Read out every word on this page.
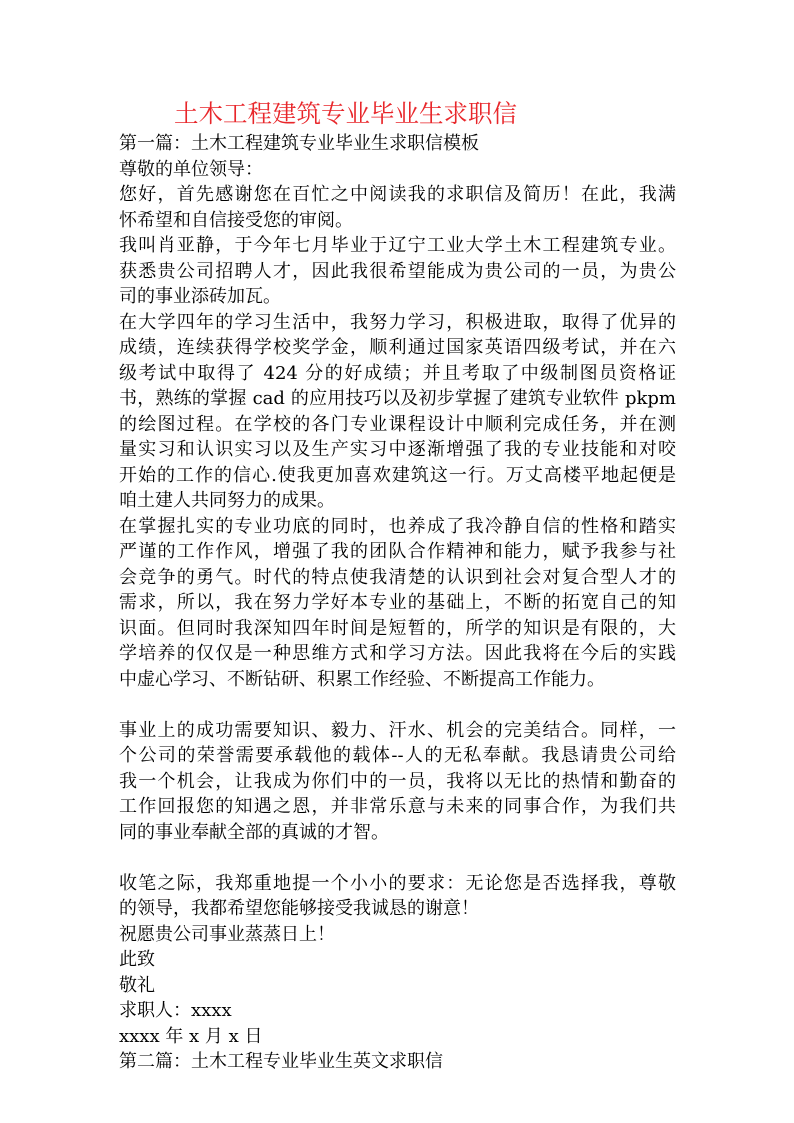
土木工程建筑专业毕业生求职信
第一篇：土木工程建筑专业毕业生求职信模板
尊敬的单位领导：
您好，首先感谢您在百忙之中阅读我的求职信及简历！在此，我满
怀希望和自信接受您的审阅。
我叫肖亚静，于今年七月毕业于辽宁工业大学土木工程建筑专业。
获悉贵公司招聘人才，因此我很希望能成为贵公司的一员，为贵公
司的事业添砖加瓦。
在大学四年的学习生活中，我努力学习，积极进取，取得了优异的
成绩，连续获得学校奖学金，顺利通过国家英语四级考试，并在六
级考试中取得了 424 分的好成绩；并且考取了中级制图员资格证
书，熟练的掌握 cad 的应用技巧以及初步掌握了建筑专业软件 pkpm
的绘图过程。在学校的各门专业课程设计中顺利完成任务，并在测
量实习和认识实习以及生产实习中逐渐增强了我的专业技能和对咬
开始的工作的信心.使我更加喜欢建筑这一行。万丈高楼平地起便是
咱土建人共同努力的成果。
在掌握扎实的专业功底的同时，也养成了我冷静自信的性格和踏实
严谨的工作作风，增强了我的团队合作精神和能力，赋予我参与社
会竞争的勇气。时代的特点使我清楚的认识到社会对复合型人才的
需求，所以，我在努力学好本专业的基础上，不断的拓宽自己的知
识面。但同时我深知四年时间是短暂的，所学的知识是有限的，大
学培养的仅仅是一种思维方式和学习方法。因此我将在今后的实践
中虚心学习、不断钻研、积累工作经验、不断提高工作能力。
事业上的成功需要知识、毅力、汗水、机会的完美结合。同样，一
个公司的荣誉需要承载他的载体--人的无私奉献。我恳请贵公司给
我一个机会，让我成为你们中的一员，我将以无比的热情和勤奋的
工作回报您的知遇之恩，并非常乐意与未来的同事合作，为我们共
同的事业奉献全部的真诚的才智。
收笔之际，我郑重地提一个小小的要求：无论您是否选择我，尊敬
的领导，我都希望您能够接受我诚恳的谢意！
祝愿贵公司事业蒸蒸日上！
此致
敬礼
求职人：xxxx
xxxx 年 x 月 x 日
第二篇：土木工程专业毕业生英文求职信
